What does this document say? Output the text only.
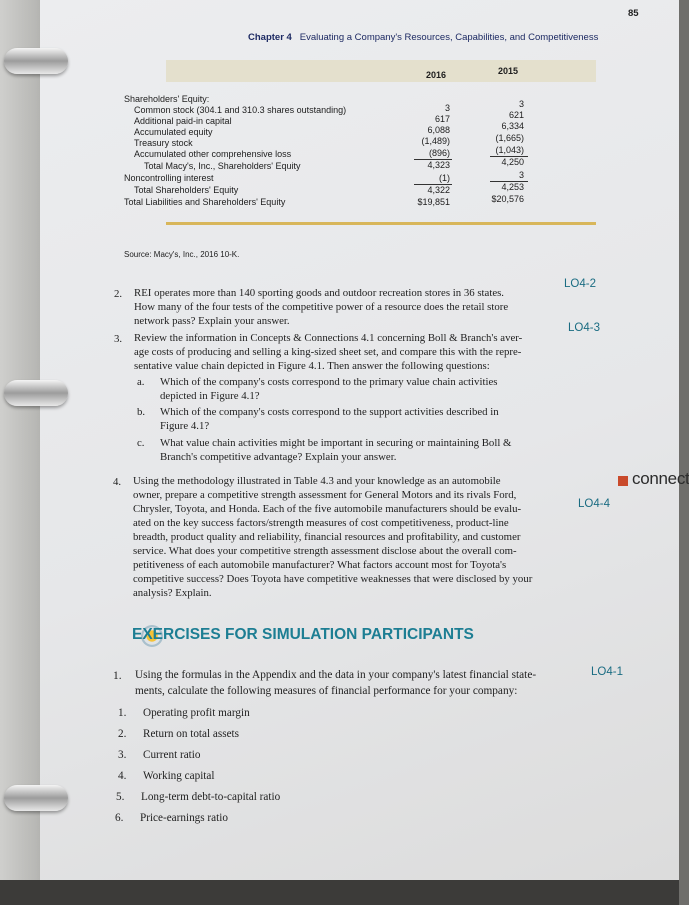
Chapter 4 Evaluating a Company's Resources, Capabilities, and Competitiveness
85
2016	2015
Shareholders' Equity:
Common stock (304.1 and 310.3 shares outstanding)	3	3
Additional paid-in capital	617	621
Accumulated equity	6,088	6,334
Treasury stock	(1,489)	(1,665)
Accumulated other comprehensive loss	(896)	(1,043)
Total Macy's, Inc., Shareholders' Equity	4,323	4,250
Noncontrolling interest	(1)	3
Total Shareholders' Equity	4,322	4,253
Total Liabilities and Shareholders' Equity	$19,851	$20,576
Source: Macy's, Inc., 2016 10-K.
2. REI operates more than 140 sporting goods and outdoor recreation stores in 36 states.
How many of the four tests of the competitive power of a resource does the retail store
network pass? Explain your answer.
LO4-2
3. Review the information in Concepts & Connections 4.1 concerning Boll & Branch's aver-
age costs of producing and selling a king-sized sheet set, and compare this with the repre-
sentative value chain depicted in Figure 4.1. Then answer the following questions:
LO4-3
a. Which of the company's costs correspond to the primary value chain activities
depicted in Figure 4.1?
b. Which of the company's costs correspond to the support activities described in
Figure 4.1?
c. What value chain activities might be important in securing or maintaining Boll &
Branch's competitive advantage? Explain your answer.
4. Using the methodology illustrated in Table 4.3 and your knowledge as an automobile
owner, prepare a competitive strength assessment for General Motors and its rivals Ford,
Chrysler, Toyota, and Honda. Each of the five automobile manufacturers should be evalu-
ated on the key success factors/strength measures of cost competitiveness, product-line
breadth, product quality and reliability, financial resources and profitability, and customer
service. What does your competitive strength assessment disclose about the overall com-
petitiveness of each automobile manufacturer? What factors account most for Toyota's
competitive success? Does Toyota have competitive weaknesses that were disclosed by your
analysis? Explain.
connect
LO4-4
EXERCISES FOR SIMULATION PARTICIPANTS
1. Using the formulas in the Appendix and the data in your company's latest financial state-
ments, calculate the following measures of financial performance for your company:
LO4-1
1. Operating profit margin
2. Return on total assets
3. Current ratio
4. Working capital
5. Long-term debt-to-capital ratio
6. Price-earnings ratio
